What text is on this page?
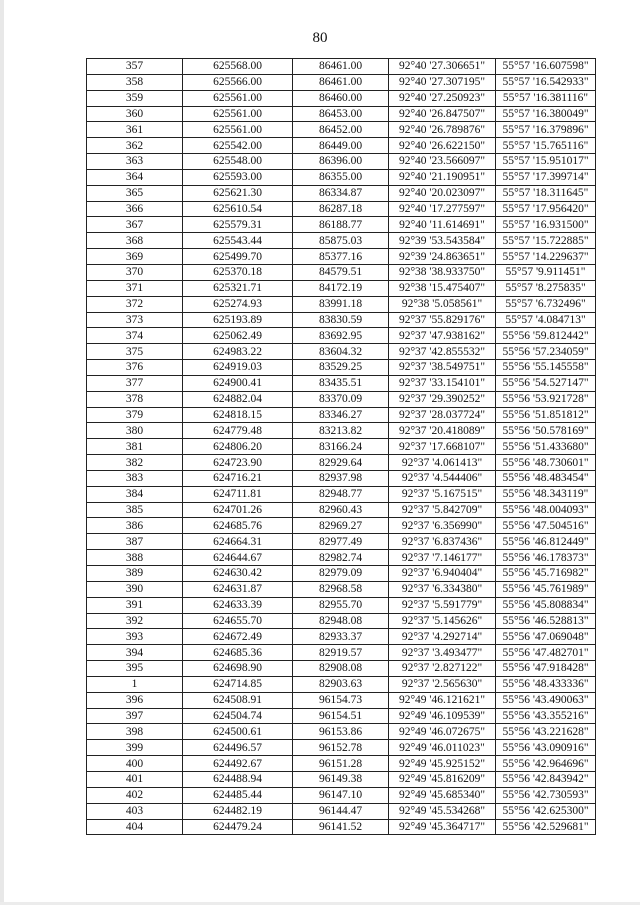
80
357	625568.00	86461.00	92°40 '27.306651"	55°57 '16.607598"
358	625566.00	86461.00	92°40 '27.307195"	55°57 '16.542933"
359	625561.00	86460.00	92°40 '27.250923"	55°57 '16.381116"
360	625561.00	86453.00	92°40 '26.847507"	55°57 '16.380049"
361	625561.00	86452.00	92°40 '26.789876"	55°57 '16.379896"
362	625542.00	86449.00	92°40 '26.622150"	55°57 '15.765116"
363	625548.00	86396.00	92°40 '23.566097"	55°57 '15.951017"
364	625593.00	86355.00	92°40 '21.190951"	55°57 '17.399714"
365	625621.30	86334.87	92°40 '20.023097"	55°57 '18.311645"
366	625610.54	86287.18	92°40 '17.277597"	55°57 '17.956420"
367	625579.31	86188.77	92°40 '11.614691"	55°57 '16.931500"
368	625543.44	85875.03	92°39 '53.543584"	55°57 '15.722885"
369	625499.70	85377.16	92°39 '24.863651"	55°57 '14.229637"
370	625370.18	84579.51	92°38 '38.933750"	55°57 '9.911451"
371	625321.71	84172.19	92°38 '15.475407"	55°57 '8.275835"
372	625274.93	83991.18	92°38 '5.058561"	55°57 '6.732496"
373	625193.89	83830.59	92°37 '55.829176"	55°57 '4.084713"
374	625062.49	83692.95	92°37 '47.938162"	55°56 '59.812442"
375	624983.22	83604.32	92°37 '42.855532"	55°56 '57.234059"
376	624919.03	83529.25	92°37 '38.549751"	55°56 '55.145558"
377	624900.41	83435.51	92°37 '33.154101"	55°56 '54.527147"
378	624882.04	83370.09	92°37 '29.390252"	55°56 '53.921728"
379	624818.15	83346.27	92°37 '28.037724"	55°56 '51.851812"
380	624779.48	83213.82	92°37 '20.418089"	55°56 '50.578169"
381	624806.20	83166.24	92°37 '17.668107"	55°56 '51.433680"
382	624723.90	82929.64	92°37 '4.061413"	55°56 '48.730601"
383	624716.21	82937.98	92°37 '4.544406"	55°56 '48.483454"
384	624711.81	82948.77	92°37 '5.167515"	55°56 '48.343119"
385	624701.26	82960.43	92°37 '5.842709"	55°56 '48.004093"
386	624685.76	82969.27	92°37 '6.356990"	55°56 '47.504516"
387	624664.31	82977.49	92°37 '6.837436"	55°56 '46.812449"
388	624644.67	82982.74	92°37 '7.146177"	55°56 '46.178373"
389	624630.42	82979.09	92°37 '6.940404"	55°56 '45.716982"
390	624631.87	82968.58	92°37 '6.334380"	55°56 '45.761989"
391	624633.39	82955.70	92°37 '5.591779"	55°56 '45.808834"
392	624655.70	82948.08	92°37 '5.145626"	55°56 '46.528813"
393	624672.49	82933.37	92°37 '4.292714"	55°56 '47.069048"
394	624685.36	82919.57	92°37 '3.493477"	55°56 '47.482701"
395	624698.90	82908.08	92°37 '2.827122"	55°56 '47.918428"
1	624714.85	82903.63	92°37 '2.565630"	55°56 '48.433336"
396	624508.91	96154.73	92°49 '46.121621"	55°56 '43.490063"
397	624504.74	96154.51	92°49 '46.109539"	55°56 '43.355216"
398	624500.61	96153.86	92°49 '46.072675"	55°56 '43.221628"
399	624496.57	96152.78	92°49 '46.011023"	55°56 '43.090916"
400	624492.67	96151.28	92°49 '45.925152"	55°56 '42.964696"
401	624488.94	96149.38	92°49 '45.816209"	55°56 '42.843942"
402	624485.44	96147.10	92°49 '45.685340"	55°56 '42.730593"
403	624482.19	96144.47	92°49 '45.534268"	55°56 '42.625300"
404	624479.24	96141.52	92°49 '45.364717"	55°56 '42.529681"
